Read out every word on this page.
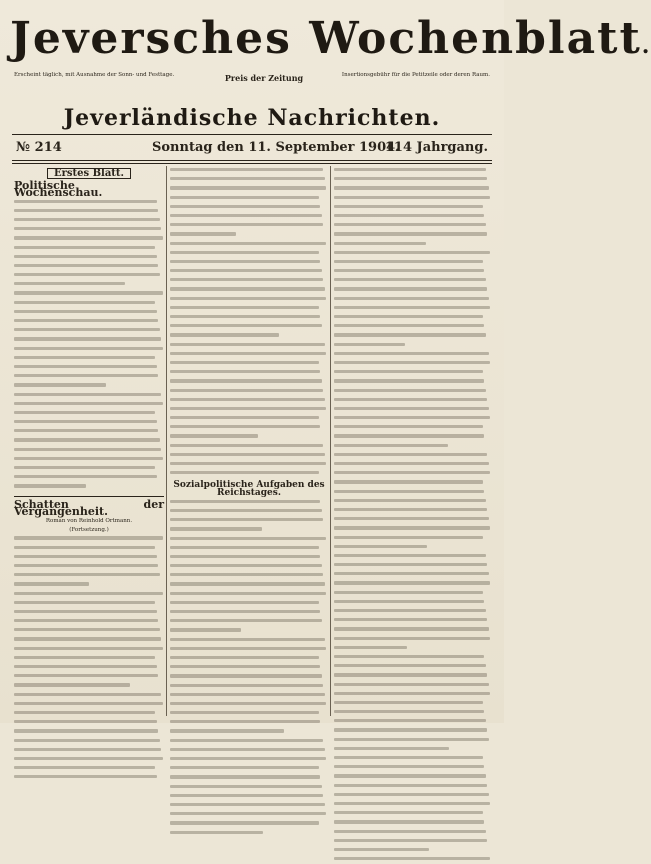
Jeversches Wochenblatt.
Erscheint täglich, mit Ausnahme der Sonn- und Festtage.	Preis der Zeitung	Insertionsgebühr für die Petitzeile oder deren Raum.
Jeverländische Nachrichten.
№ 214	Sonntag den 11. September 1904.
114 Jahrgang.
Erstes Blatt.
Politische Wochenschau.
Schatten der Vergangenheit.
Roman von Reinhold Ortmann.
(Fortsetzung.)
Sozialpolitische Aufgaben des Reichstages.
